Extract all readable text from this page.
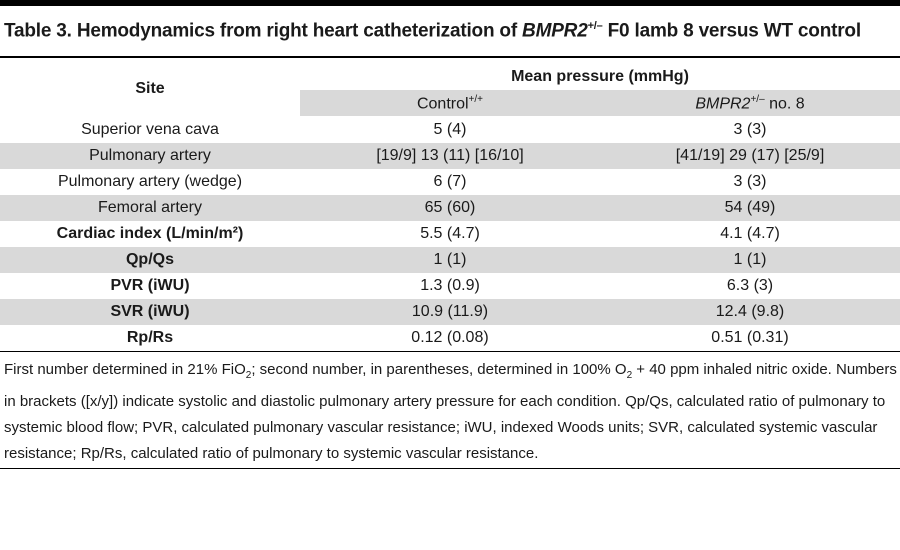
Table 3. Hemodynamics from right heart catheterization of BMPR2+/– F0 lamb 8 versus WT control
Site
Mean pressure (mmHg)
Control+/+	BMPR2+/– no. 8
Superior vena cava	5 (4)	3 (3)
Pulmonary artery	[19/9] 13 (11) [16/10]	[41/19] 29 (17) [25/9]
Pulmonary artery (wedge)	6 (7)	3 (3)
Femoral artery	65 (60)	54 (49)
Cardiac index (L/min/m²)	5.5 (4.7)	4.1 (4.7)
Qp/Qs	1 (1)	1 (1)
PVR (iWU)	1.3 (0.9)	6.3 (3)
SVR (iWU)	10.9 (11.9)	12.4 (9.8)
Rp/Rs	0.12 (0.08)	0.51 (0.31)
First number determined in 21% FiO$_2$; second number, in parentheses, determined in 100% $O_2 + 40$ ppm inhaled nitric oxide. Numbers in brackets ([x/y]) indicate systolic and diastolic pulmonary artery pressure for each condition. Qp/Qs, calculated ratio of pulmonary to systemic blood flow; PVR, calculated pulmonary vascular resistance; iWU, indexed Woods units; SVR, calculated systemic vascular resistance; Rp/Rs, calculated ratio of pulmonary to systemic vascular resistance.
